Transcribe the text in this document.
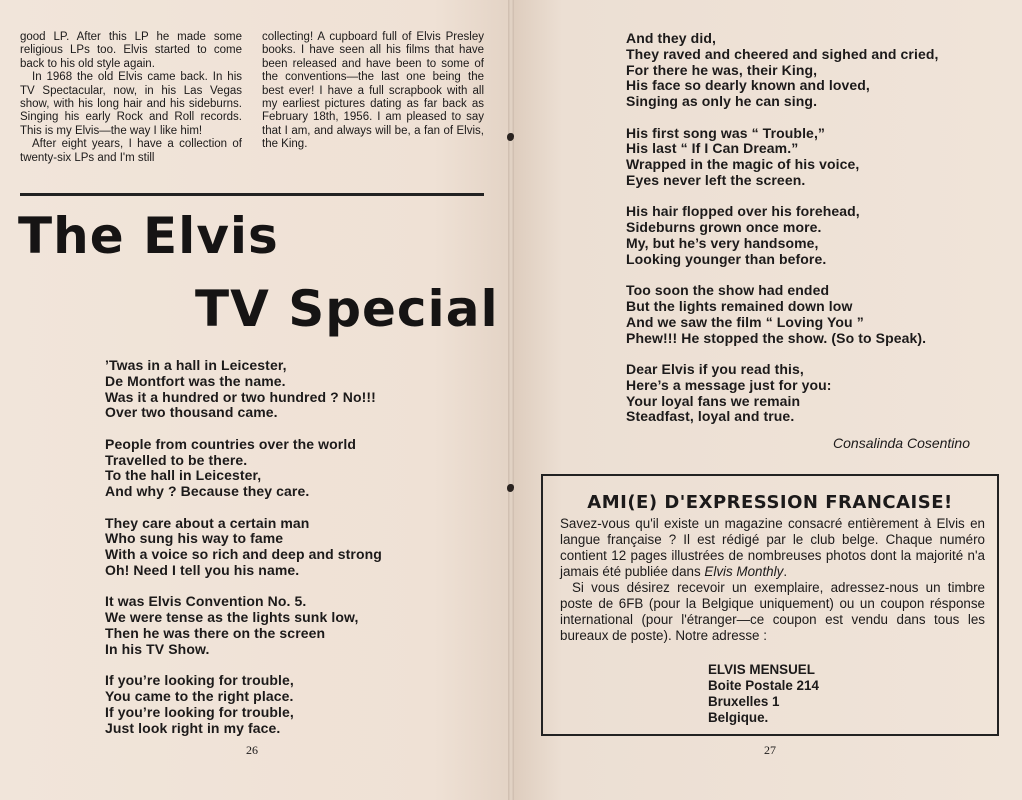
good LP. After this LP he made some religious LPs too. Elvis started to come back to his old style again.

In 1968 the old Elvis came back. In his TV Spectacular, now, in his Las Vegas show, with his long hair and his sideburns. Singing his early Rock and Roll records. This is my Elvis—the way I like him!

After eight years, I have a collection of twenty-six LPs and I'm still

collecting! A cupboard full of Elvis Presley books. I have seen all his films that have been released and have been to some of the conventions—the last one being the best ever! I have a full scrapbook with all my earliest pictures dating as far back as February 18th, 1956. I am pleased to say that I am, and always will be, a fan of Elvis, the King.

The Elvis
TV Special
’Twas in a hall in Leicester,
De Montfort was the name.
Was it a hundred or two hundred ? No!!!
Over two thousand came.
People from countries over the world
Travelled to be there.
To the hall in Leicester,
And why ? Because they care.
They care about a certain man
Who sung his way to fame
With a voice so rich and deep and strong
Oh! Need I tell you his name.
It was Elvis Convention No. 5.
We were tense as the lights sunk low,
Then he was there on the screen
In his TV Show.
If you’re looking for trouble,
You came to the right place.
If you’re looking for trouble,
Just look right in my face.

26

And they did,
They raved and cheered and sighed and cried,
For there he was, their King,
His face so dearly known and loved,
Singing as only he can sing.
His first song was “ Trouble,”
His last “ If I Can Dream.”
Wrapped in the magic of his voice,
Eyes never left the screen.
His hair flopped over his forehead,
Sideburns grown once more.
My, but he’s very handsome,
Looking younger than before.
Too soon the show had ended
But the lights remained down low
And we saw the film “ Loving You ”
Phew!!! He stopped the show. (So to Speak).
Dear Elvis if you read this,
Here’s a message just for you:
Your loyal fans we remain
Steadfast, loyal and true.

Consalinda Cosentino

AMI(E) D'EXPRESSION FRANCAISE!

Savez-vous qu'il existe un magazine consacré entièrement à Elvis en langue française ? Il est rédigé par le club belge. Chaque numéro contient 12 pages illustrées de nombreuses photos dont la majorité n'a jamais été publiée dans Elvis Monthly.

Si vous désirez recevoir un exemplaire, adressez-nous un timbre poste de 6FB (pour la Belgique uniquement) ou un coupon résponse international (pour l'étranger—ce coupon est vendu dans tous les bureaux de poste). Notre adresse :

ELVIS MENSUEL
Boite Postale 214
Bruxelles 1
Belgique.

27
